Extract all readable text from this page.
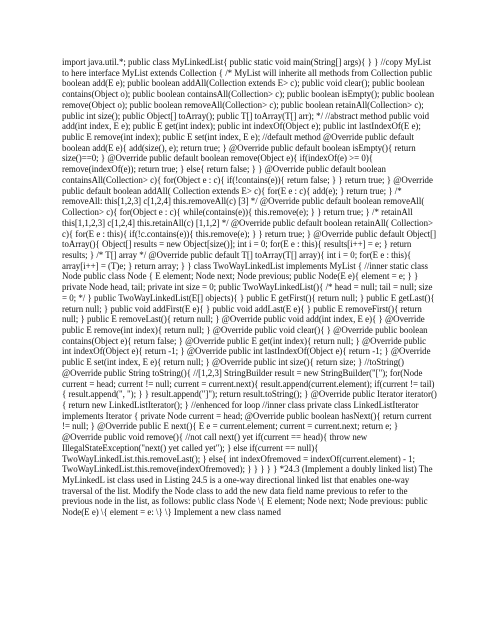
import java.util.*; public class MyLinkedList{ public static void main(String[] args){ } } //copy MyList to here interface MyList extends Collection { /* MyList will inherite all methods from Collection public boolean add(E e); public boolean addAll(Collection extends E> c); public void clear(); public boolean contains(Object o); public boolean containsAll(Collection> c); public boolean isEmpty(); public boolean remove(Object o); public boolean removeAll(Collection> c); public boolean retainAll(Collection> c); public int size(); public Object[] toArray(); public T[] toArray(T[] arr); */ //abstract method public void add(int index, E e); public E get(int index); public int indexOf(Object e); public int lastIndexOf(E e); public E remove(int index); public E set(int index, E e); //default method @Override public default boolean add(E e){ add(size(), e); return true; } @Override public default boolean isEmpty(){ return size()==0; } @Override public default boolean remove(Object e){ if(indexOf(e) >= 0){ remove(indexOf(e)); return true; } else{ return false; } } @Override public default boolean containsAll(Collection> c){ for(Object e : c){ if(!contains(e)){ return false; } } return true; } @Override public default boolean addAll( Collection extends E> c){ for(E e : c){ add(e); } return true; } /* removeAll: this[1,2,3] c[1,2,4] this.removeAll(c) [3] */ @Override public default boolean removeAll( Collection> c){ for(Object e : c){ while(contains(e)){ this.remove(e); } } return true; } /* retainAll this[1,1,2,3] c[1,2,4] this.retainAll(c) [1,1,2] */ @Override public default boolean retainAll( Collection> c){ for(E e : this){ if(!c.contains(e)){ this.remove(e); } } return true; } @Override public default Object[] toArray(){ Object[] results = new Object[size()]; int i = 0; for(E e : this){ results[i++] = e; } return results; } /* T[] array */ @Override public default T[] toArray(T[] array){ int i = 0; for(E e : this){ array[i++] = (T)e; } return array; } } class TwoWayLinkedList implements MyList { //inner static class Node public class Node { E element; Node next; Node previous; public Node(E e){ element = e; } } private Node head, tail; private int size = 0; public TwoWayLinkedList(){ /* head = null; tail = null; size = 0; */ } public TwoWayLinkedList(E[] objects){ } public E getFirst(){ return null; } public E getLast(){ return null; } public void addFirst(E e){ } public void addLast(E e){ } public E removeFirst(){ return null; } public E removeLast(){ return null; } @Override public void add(int index, E e){ } @Override public E remove(int index){ return null; } @Override public void clear(){ } @Override public boolean contains(Object e){ return false; } @Override public E get(int index){ return null; } @Override public int indexOf(Object e){ return -1; } @Override public int lastIndexOf(Object e){ return -1; } @Override public E set(int index, E e){ return null; } @Override public int size(){ return size; } //toString() @Override public String toString(){ //[1,2,3] StringBuilder result = new StringBuilder("["); for(Node current = head; current != null; current = current.next){ result.append(current.element); if(current != tail){ result.append(", "); } } result.append("]"); return result.toString(); } @Override public Iterator iterator(){ return new LinkedListIterator(); } //enhenced for loop //inner class private class LinkedListIterator implements Iterator { private Node current = head; @Override public boolean hasNext(){ return current != null; } @Override public E next(){ E e = current.element; current = current.next; return e; } @Override public void remove(){ //not call next() yet if(current == head){ throw new IllegalStateException("next() yet called yet"); } else if(current == null){ TwoWayLinkedList.this.removeLast(); } else{ int indexOfremoved = indexOf(current.element) - 1; TwoWayLinkedList.this.remove(indexOfremoved); } } } } } *24.3 (Implement a doubly linked list) The MyLinkedL ist class used in Listing 24.5 is a one-way directional linked list that enables one-way traversal of the list. Modify the Node class to add the new data field name previous to refer to the previous node in the list, as follows: public class Node \{ E element; Node next; Node previous: public Node(E e) \{ element = e: \} \} Implement a new class named
